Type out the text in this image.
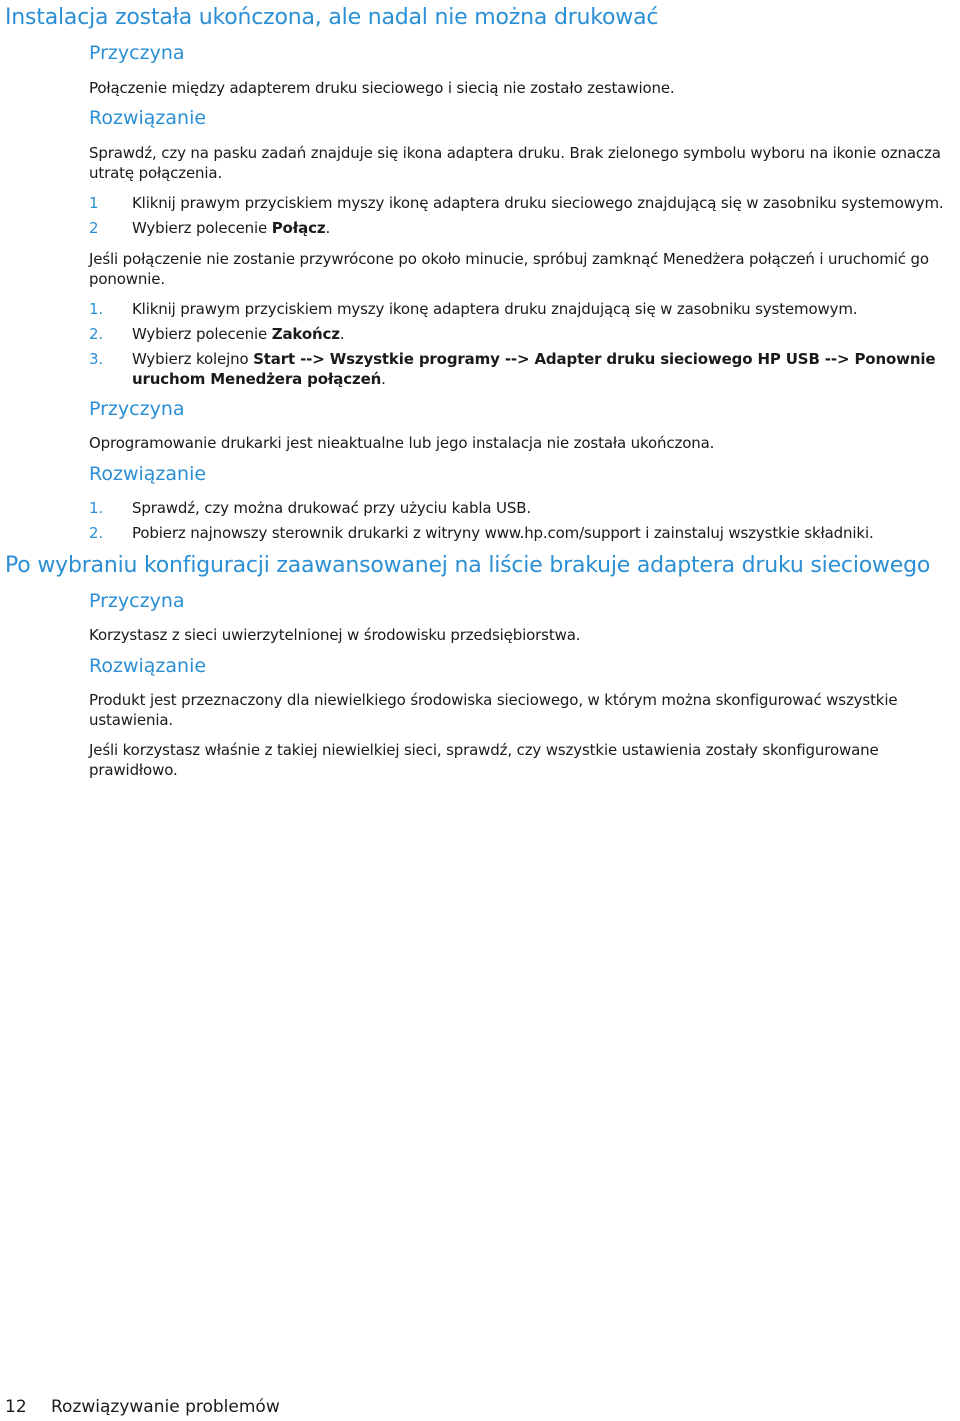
Instalacja została ukończona, ale nadal nie można drukować
Przyczyna

Połączenie między adapterem druku sieciowego i siecią nie zostało zestawione.

Rozwiązanie

Sprawdź, czy na pasku zadań znajduje się ikona adaptera druku. Brak zielonego symbolu wyboru na ikonie oznacza utratę połączenia.

1 Kliknij prawym przyciskiem myszy ikonę adaptera druku sieciowego znajdującą się w zasobniku systemowym.
2 Wybierz polecenie Połącz.

Jeśli połączenie nie zostanie przywrócone po około minucie, spróbuj zamknąć Menedżera połączeń i uruchomić go ponownie.

1. Kliknij prawym przyciskiem myszy ikonę adaptera druku znajdującą się w zasobniku systemowym.
2. Wybierz polecenie Zakończ.
3. Wybierz kolejno Start --> Wszystkie programy --> Adapter druku sieciowego HP USB --> Ponownie uruchom Menedżera połączeń.
Przyczyna

Oprogramowanie drukarki jest nieaktualne lub jego instalacja nie została ukończona.

Rozwiązanie
1. Sprawdź, czy można drukować przy użyciu kabla USB.
2. Pobierz najnowszy sterownik drukarki z witryny www.hp.com/support i zainstaluj wszystkie składniki.
Po wybraniu konfiguracji zaawansowanej na liście brakuje adaptera druku sieciowego
Przyczyna

Korzystasz z sieci uwierzytelnionej w środowisku przedsiębiorstwa.

Rozwiązanie

Produkt jest przeznaczony dla niewielkiego środowiska sieciowego, w którym można skonfigurować wszystkie ustawienia.

Jeśli korzystasz właśnie z takiej niewielkiej sieci, sprawdź, czy wszystkie ustawienia zostały skonfigurowane prawidłowo.

12 Rozwiązywanie problemów
